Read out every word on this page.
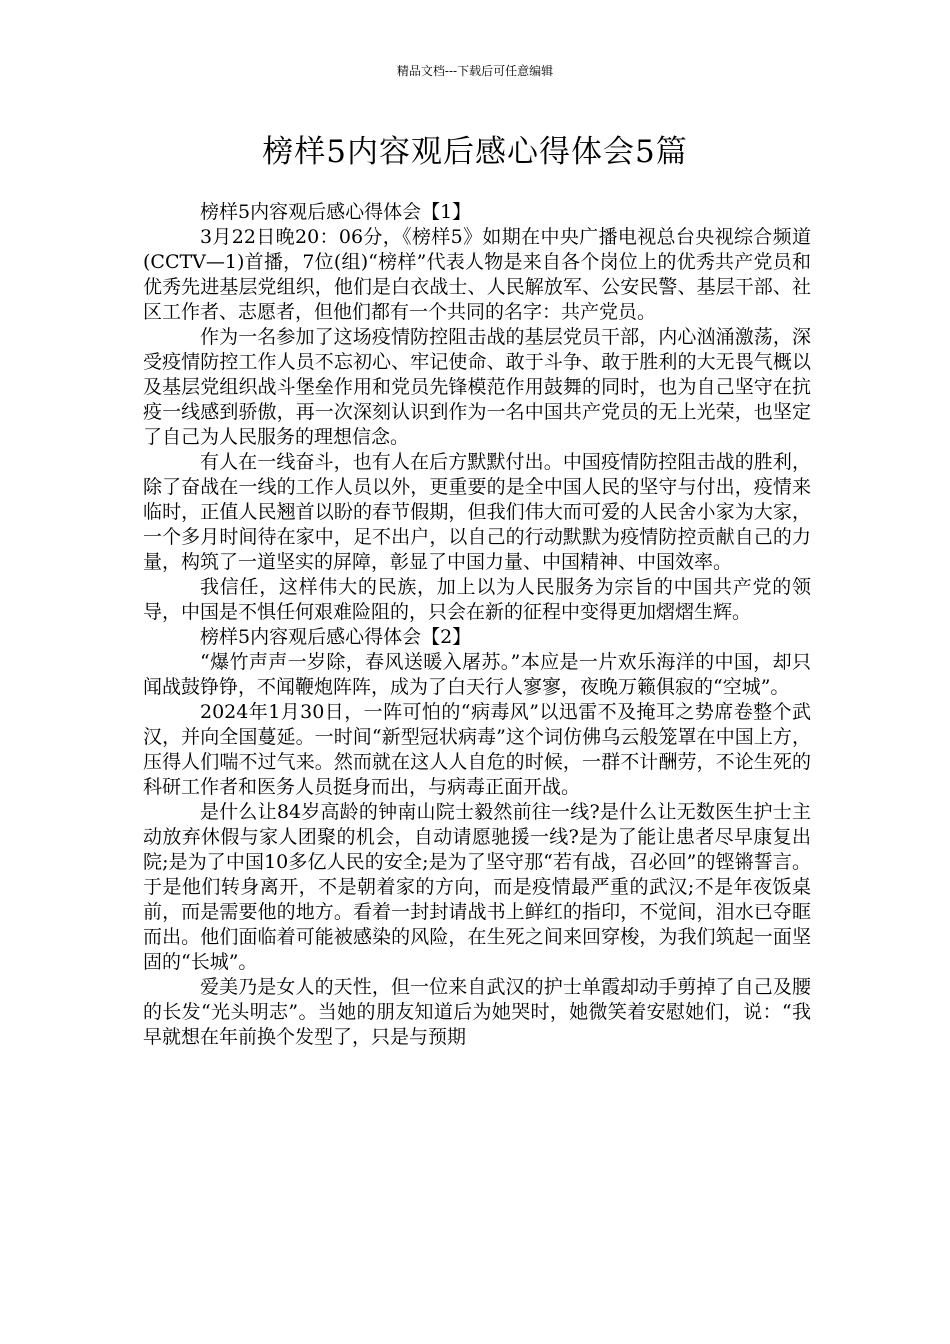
精品文档---下载后可任意编辑
榜样5内容观后感心得体会5篇

榜样5内容观后感心得体会【1】

3月22日晚20：06分，《榜样5》如期在中央广播电视总台央视综合频道(CCTV—1)首播，7位(组)“榜样”代表人物是来自各个岗位上的优秀共产党员和优秀先进基层党组织，他们是白衣战士、人民解放军、公安民警、基层干部、社区工作者、志愿者，但他们都有一个共同的名字：共产党员。

作为一名参加了这场疫情防控阻击战的基层党员干部，内心汹涌激荡，深受疫情防控工作人员不忘初心、牢记使命、敢于斗争、敢于胜利的大无畏气概以及基层党组织战斗堡垒作用和党员先锋模范作用鼓舞的同时，也为自己坚守在抗疫一线感到骄傲，再一次深刻认识到作为一名中国共产党员的无上光荣，也坚定了自己为人民服务的理想信念。

有人在一线奋斗，也有人在后方默默付出。中国疫情防控阻击战的胜利，除了奋战在一线的工作人员以外，更重要的是全中国人民的坚守与付出，疫情来临时，正值人民翘首以盼的春节假期，但我们伟大而可爱的人民舍小家为大家，一个多月时间待在家中，足不出户，以自己的行动默默为疫情防控贡献自己的力量，构筑了一道坚实的屏障，彰显了中国力量、中国精神、中国效率。

我信任，这样伟大的民族，加上以为人民服务为宗旨的中国共产党的领导，中国是不惧任何艰难险阻的，只会在新的征程中变得更加熠熠生辉。

榜样5内容观后感心得体会【2】

“爆竹声声一岁除，春风送暖入屠苏。”本应是一片欢乐海洋的中国，却只闻战鼓铮铮，不闻鞭炮阵阵，成为了白天行人寥寥，夜晚万籁俱寂的“空城”。

2024年1月30日，一阵可怕的“病毒风”以迅雷不及掩耳之势席卷整个武汉，并向全国蔓延。一时间“新型冠状病毒”这个词仿佛乌云般笼罩在中国上方，压得人们喘不过气来。然而就在这人人自危的时候，一群不计酬劳，不论生死的科研工作者和医务人员挺身而出，与病毒正面开战。

是什么让84岁高龄的钟南山院士毅然前往一线?是什么让无数医生护士主动放弃休假与家人团聚的机会，自动请愿驰援一线?是为了能让患者尽早康复出院;是为了中国10多亿人民的安全;是为了坚守那“若有战，召必回”的铿锵誓言。于是他们转身离开，不是朝着家的方向，而是疫情最严重的武汉;不是年夜饭桌前，而是需要他的地方。看着一封封请战书上鲜红的指印，不觉间，泪水已夺眶而出。他们面临着可能被感染的风险，在生死之间来回穿梭，为我们筑起一面坚固的“长城”。

爱美乃是女人的天性，但一位来自武汉的护士单霞却动手剪掉了自己及腰的长发“光头明志”。当她的朋友知道后为她哭时，她微笑着安慰她们，说：“我早就想在年前换个发型了，只是与预期
